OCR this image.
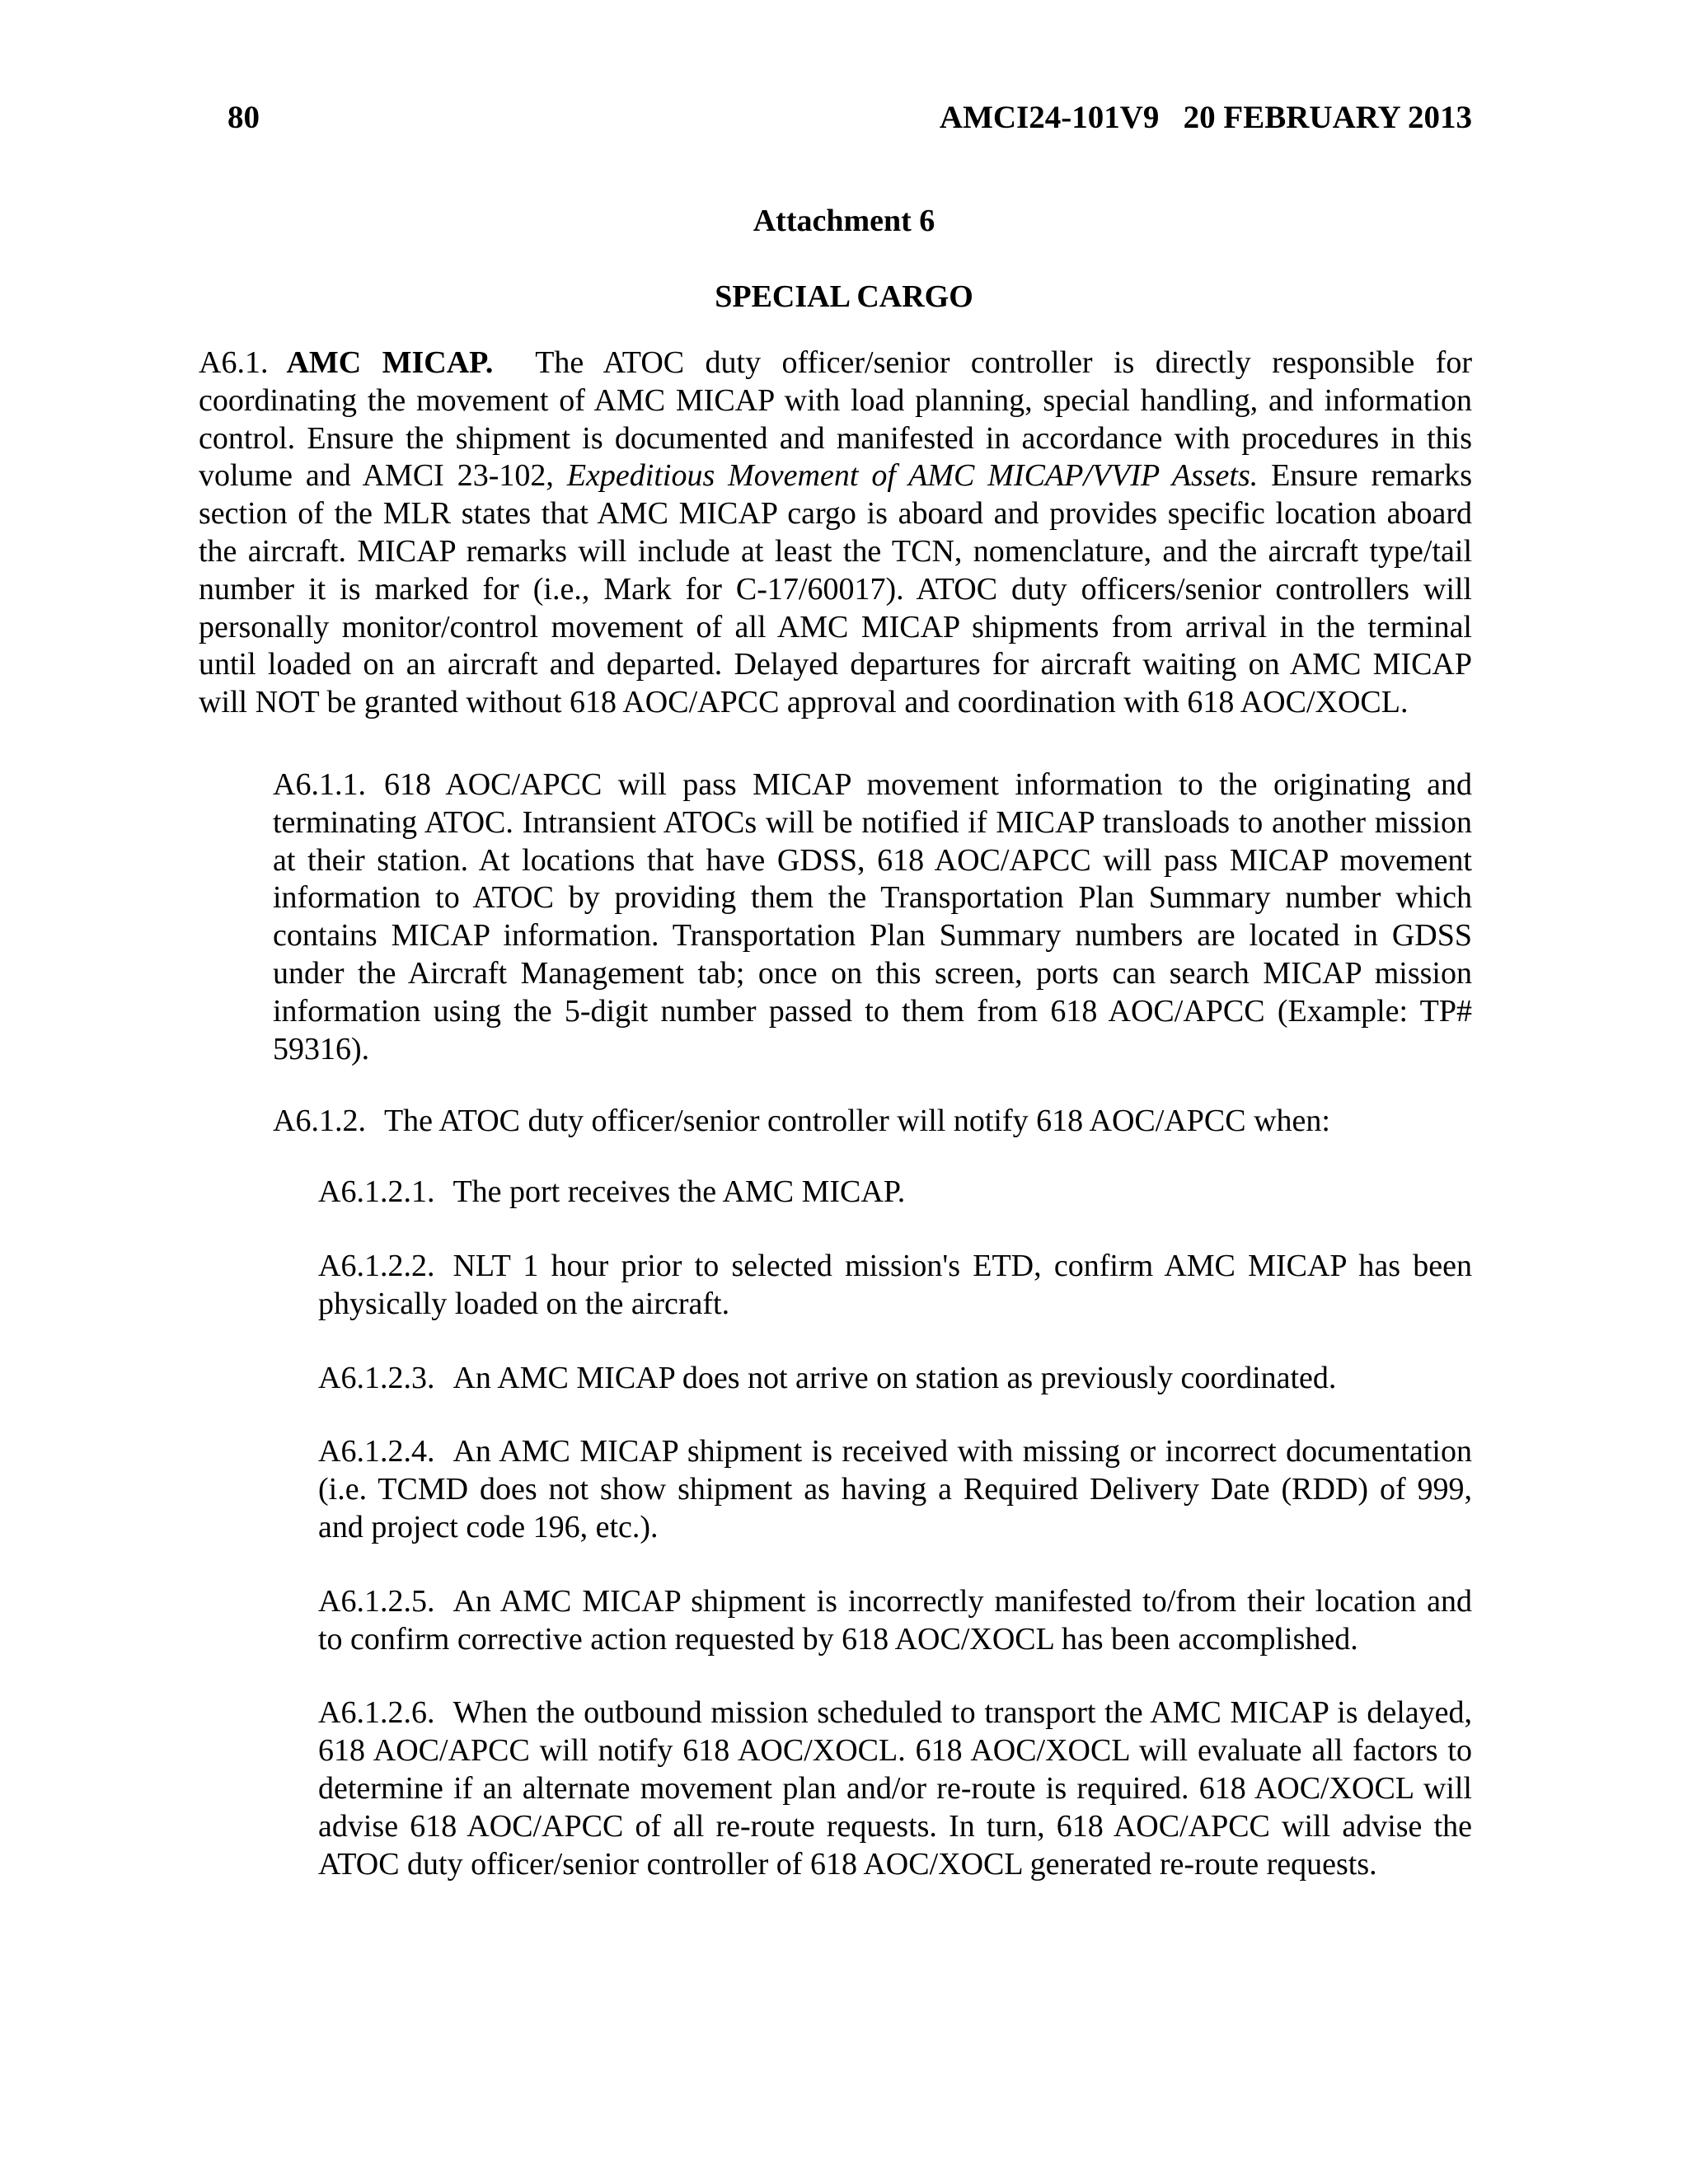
80	AMCI24-101V9   20 FEBRUARY 2013
Attachment 6
SPECIAL CARGO

A6.1. AMC MICAP. The ATOC duty officer/senior controller is directly responsible for coordinating the movement of AMC MICAP with load planning, special handling, and information control. Ensure the shipment is documented and manifested in accordance with procedures in this volume and AMCI 23-102, Expeditious Movement of AMC MICAP/VVIP Assets. Ensure remarks section of the MLR states that AMC MICAP cargo is aboard and provides specific location aboard the aircraft. MICAP remarks will include at least the TCN, nomenclature, and the aircraft type/tail number it is marked for (i.e., Mark for C-17/60017). ATOC duty officers/senior controllers will personally monitor/control movement of all AMC MICAP shipments from arrival in the terminal until loaded on an aircraft and departed. Delayed departures for aircraft waiting on AMC MICAP will NOT be granted without 618 AOC/APCC approval and coordination with 618 AOC/XOCL.

A6.1.1. 618 AOC/APCC will pass MICAP movement information to the originating and terminating ATOC. Intransient ATOCs will be notified if MICAP transloads to another mission at their station. At locations that have GDSS, 618 AOC/APCC will pass MICAP movement information to ATOC by providing them the Transportation Plan Summary number which contains MICAP information. Transportation Plan Summary numbers are located in GDSS under the Aircraft Management tab; once on this screen, ports can search MICAP mission information using the 5-digit number passed to them from 618 AOC/APCC (Example: TP# 59316).

A6.1.2. The ATOC duty officer/senior controller will notify 618 AOC/APCC when:

A6.1.2.1. The port receives the AMC MICAP.

A6.1.2.2. NLT 1 hour prior to selected mission's ETD, confirm AMC MICAP has been physically loaded on the aircraft.

A6.1.2.3. An AMC MICAP does not arrive on station as previously coordinated.

A6.1.2.4. An AMC MICAP shipment is received with missing or incorrect documentation (i.e. TCMD does not show shipment as having a Required Delivery Date (RDD) of 999, and project code 196, etc.).

A6.1.2.5. An AMC MICAP shipment is incorrectly manifested to/from their location and to confirm corrective action requested by 618 AOC/XOCL has been accomplished.

A6.1.2.6. When the outbound mission scheduled to transport the AMC MICAP is delayed, 618 AOC/APCC will notify 618 AOC/XOCL. 618 AOC/XOCL will evaluate all factors to determine if an alternate movement plan and/or re-route is required. 618 AOC/XOCL will advise 618 AOC/APCC of all re-route requests. In turn, 618 AOC/APCC will advise the ATOC duty officer/senior controller of 618 AOC/XOCL generated re-route requests.
